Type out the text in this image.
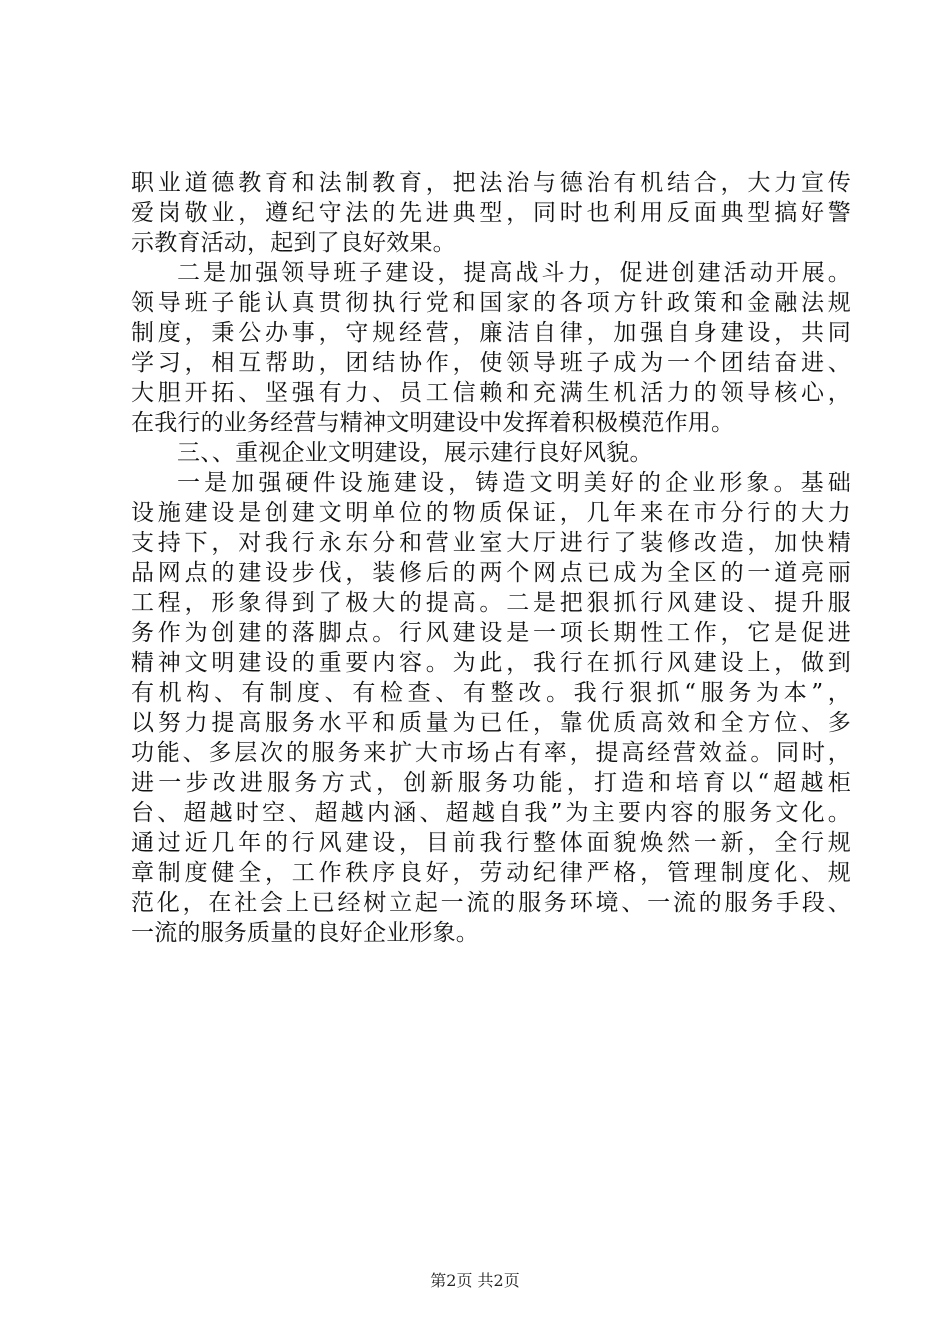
职业道德教育和法制教育，把法治与德治有机结合，大力宣传
爱岗敬业，遵纪守法的先进典型，同时也利用反面典型搞好警
示教育活动，起到了良好效果。
二是加强领导班子建设，提高战斗力，促进创建活动开展。
领导班子能认真贯彻执行党和国家的各项方针政策和金融法规
制度，秉公办事，守规经营，廉洁自律，加强自身建设，共同
学习，相互帮助，团结协作，使领导班子成为一个团结奋进、
大胆开拓、坚强有力、员工信赖和充满生机活力的领导核心，
在我行的业务经营与精神文明建设中发挥着积极模范作用。
三、、重视企业文明建设，展示建行良好风貌。
一是加强硬件设施建设，铸造文明美好的企业形象。基础
设施建设是创建文明单位的物质保证，几年来在市分行的大力
支持下，对我行永东分和营业室大厅进行了装修改造，加快精
品网点的建设步伐，装修后的两个网点已成为全区的一道亮丽
工程，形象得到了极大的提高。二是把狠抓行风建设、提升服
务作为创建的落脚点。行风建设是一项长期性工作，它是促进
精神文明建设的重要内容。为此，我行在抓行风建设上，做到
有机构、有制度、有检查、有整改。我行狠抓“服务为本”，
以努力提高服务水平和质量为已任，靠优质高效和全方位、多
功能、多层次的服务来扩大市场占有率，提高经营效益。同时，
进一步改进服务方式，创新服务功能，打造和培育以“超越柜
台、超越时空、超越内涵、超越自我”为主要内容的服务文化。
通过近几年的行风建设，目前我行整体面貌焕然一新，全行规
章制度健全，工作秩序良好，劳动纪律严格，管理制度化、规
范化，在社会上已经树立起一流的服务环境、一流的服务手段、
一流的服务质量的良好企业形象。
第2页 共2页
